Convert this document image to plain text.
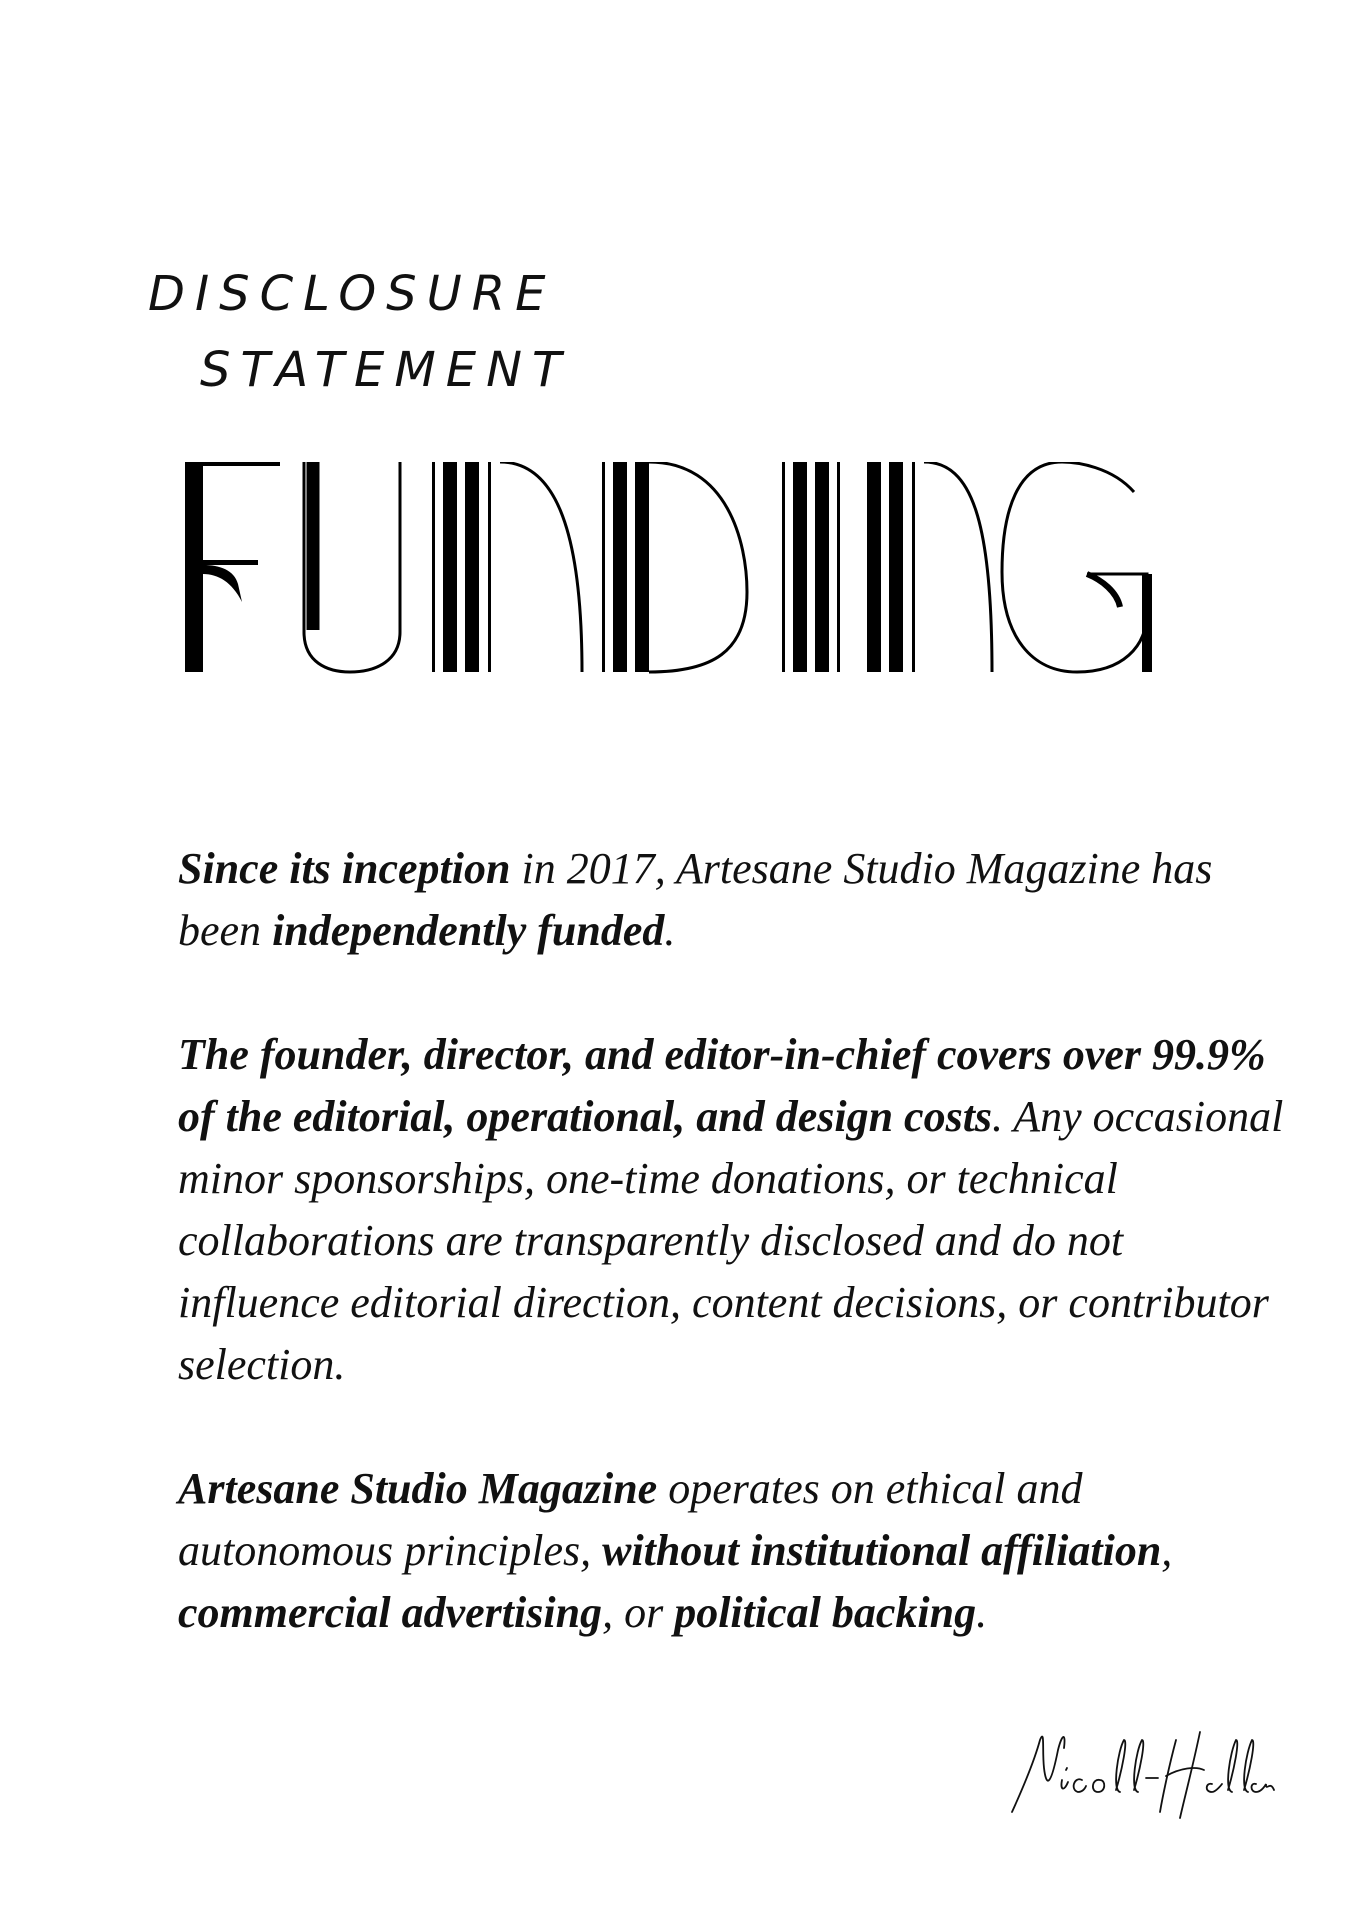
DISCLOSURE
STATEMENT

Since its inception in 2017, Artesane Studio Magazine has been independently funded.

The founder, director, and editor-in-chief covers over 99.9% of the editorial, operational, and design costs. Any occasional minor sponsorships, one-time donations, or technical collaborations are transparently disclosed and do not influence editorial direction, content decisions, or contributor selection.

Artesane Studio Magazine operates on ethical and autonomous principles, without institutional affiliation, commercial advertising, or political backing.
